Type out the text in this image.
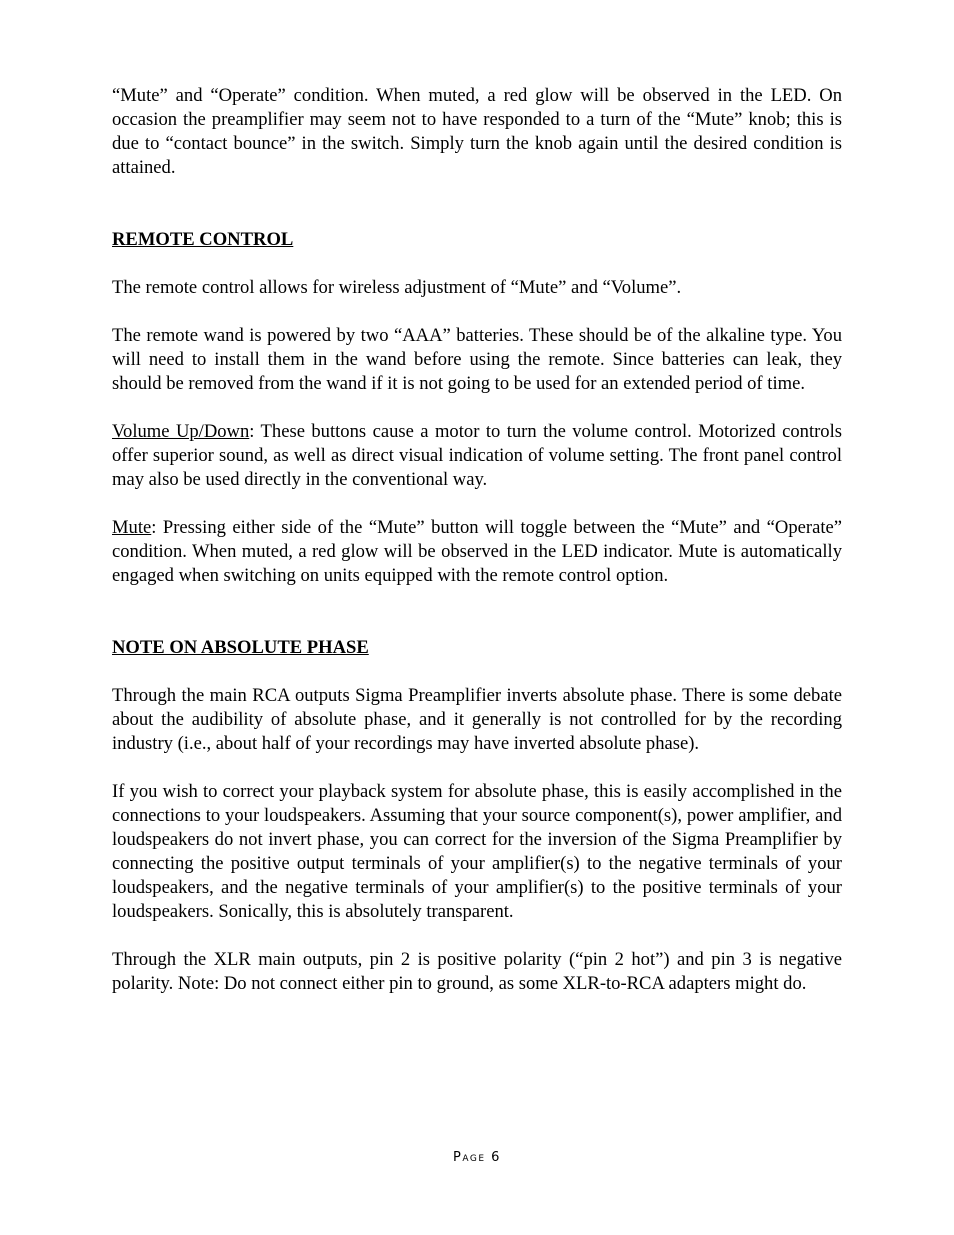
“Mute” and “Operate” condition. When muted, a red glow will be observed in the LED. On occasion the preamplifier may seem not to have responded to a turn of the “Mute” knob; this is due to “contact bounce” in the switch. Simply turn the knob again until the desired condition is attained.

REMOTE CONTROL

The remote control allows for wireless adjustment of “Mute” and “Volume”.

The remote wand is powered by two “AAA” batteries. These should be of the alkaline type. You will need to install them in the wand before using the remote. Since batteries can leak, they should be removed from the wand if it is not going to be used for an extended period of time.

Volume Up/Down: These buttons cause a motor to turn the volume control. Motorized controls offer superior sound, as well as direct visual indication of volume setting. The front panel control may also be used directly in the conventional way.

Mute: Pressing either side of the “Mute” button will toggle between the “Mute” and “Operate” condition. When muted, a red glow will be observed in the LED indicator. Mute is automatically engaged when switching on units equipped with the remote control option.

NOTE ON ABSOLUTE PHASE

Through the main RCA outputs Sigma Preamplifier inverts absolute phase. There is some debate about the audibility of absolute phase, and it generally is not controlled for by the recording industry (i.e., about half of your recordings may have inverted absolute phase).

If you wish to correct your playback system for absolute phase, this is easily accomplished in the connections to your loudspeakers. Assuming that your source component(s), power amplifier, and loudspeakers do not invert phase, you can correct for the inversion of the Sigma Preamplifier by connecting the positive output terminals of your amplifier(s) to the negative terminals of your loudspeakers, and the negative terminals of your amplifier(s) to the positive terminals of your loudspeakers. Sonically, this is absolutely transparent.

Through the XLR main outputs, pin 2 is positive polarity (“pin 2 hot”) and pin 3 is negative polarity. Note: Do not connect either pin to ground, as some XLR-to-RCA adapters might do.

Page 6
